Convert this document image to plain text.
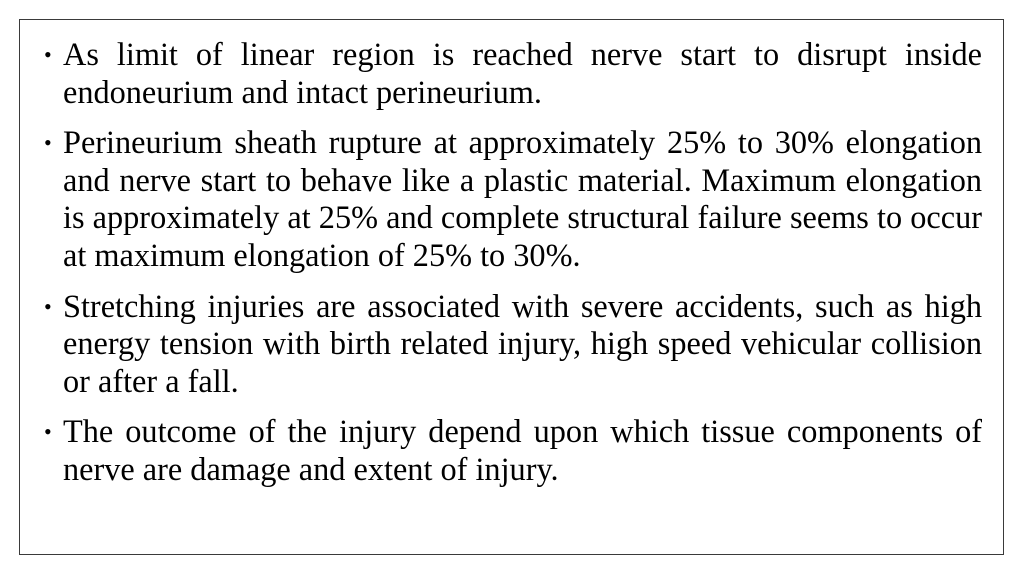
• As limit of linear region is reached nerve start to disrupt inside endoneurium and intact perineurium.
• Perineurium sheath rupture at approximately 25% to 30% elongation and nerve start to behave like a plastic material. Maximum elongation is approximately at 25% and complete structural failure seems to occur at maximum elongation of 25% to 30%.
• Stretching injuries are associated with severe accidents, such as high energy tension with birth related injury, high speed vehicular collision or after a fall.
• The outcome of the injury depend upon which tissue components of nerve are damage and extent of injury.
